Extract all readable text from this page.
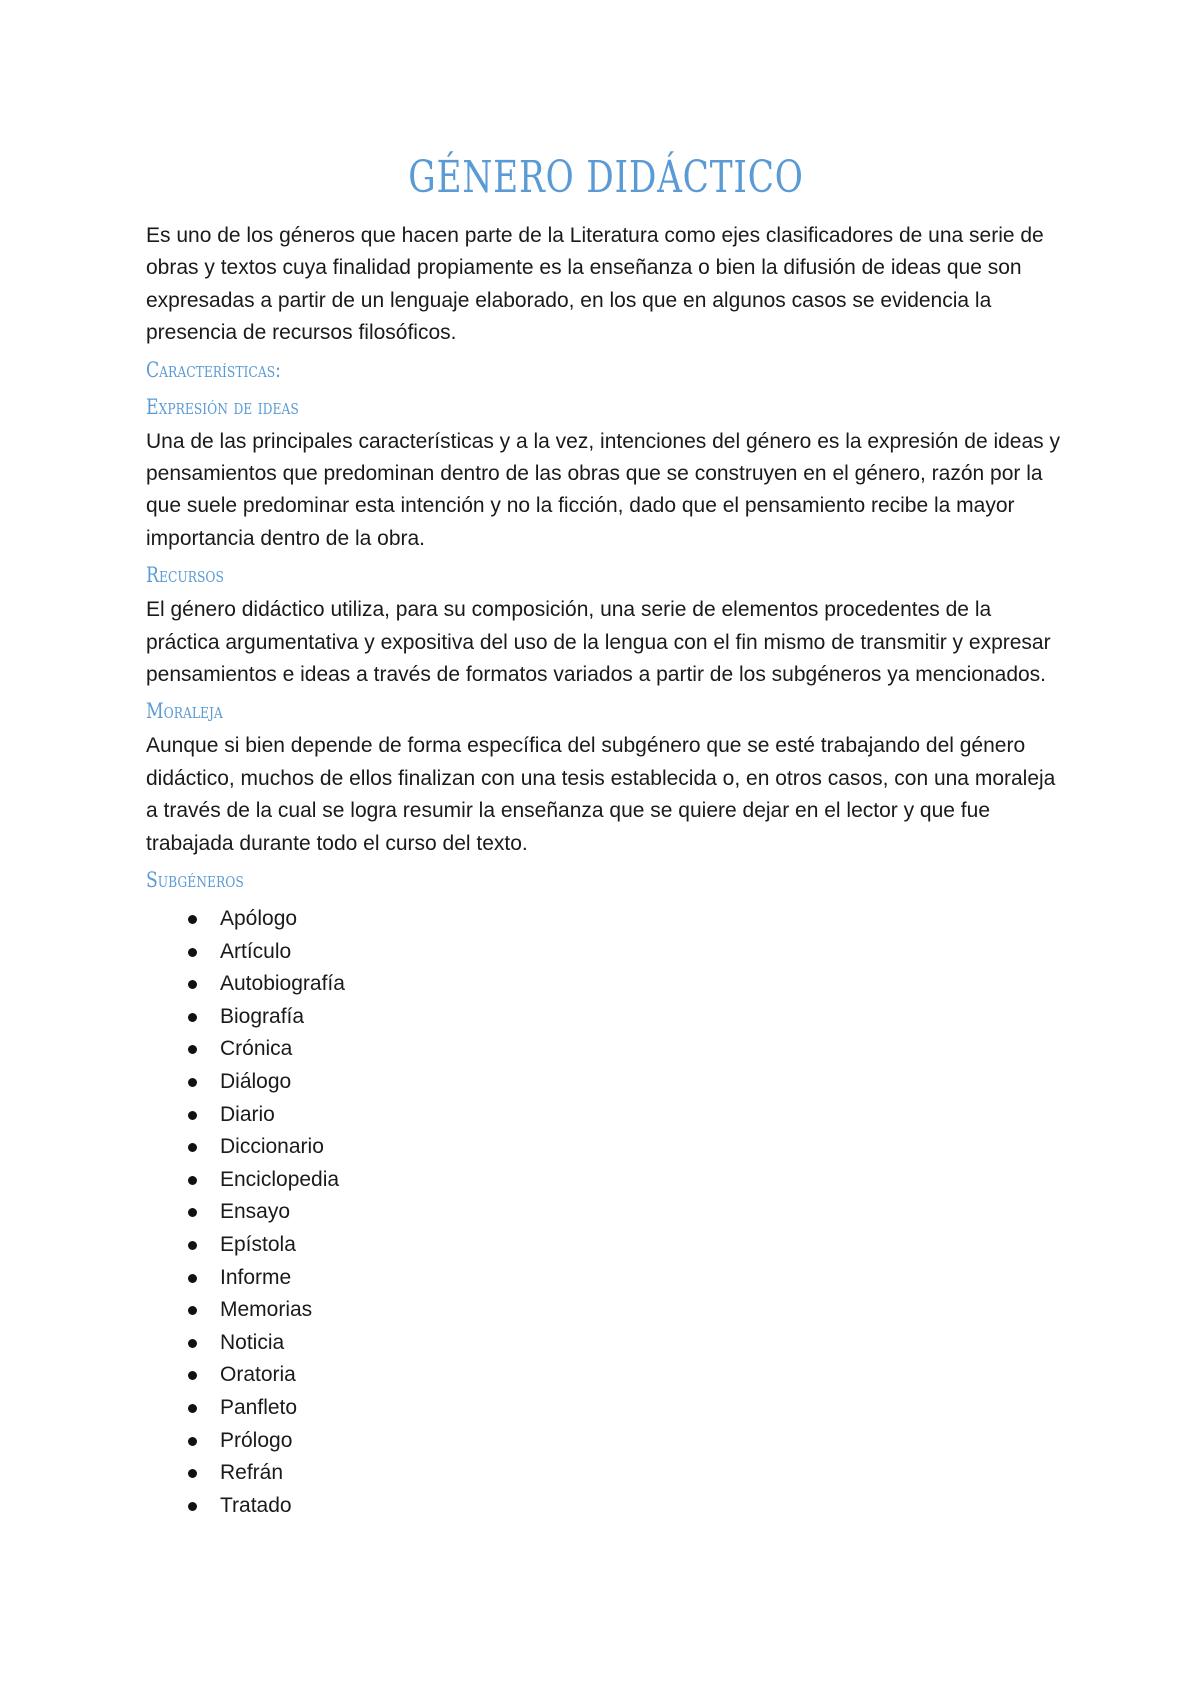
GÉNERO DIDÁCTICO

Es uno de los géneros que hacen parte de la Literatura como ejes clasificadores de una serie de obras y textos cuya finalidad propiamente es la enseñanza o bien la difusión de ideas que son expresadas a partir de un lenguaje elaborado, en los que en algunos casos se evidencia la presencia de recursos filosóficos.

Características:
Expresión de ideas

Una de las principales características y a la vez, intenciones del género es la expresión de ideas y pensamientos que predominan dentro de las obras que se construyen en el género, razón por la que suele predominar esta intención y no la ficción, dado que el pensamiento recibe la mayor importancia dentro de la obra.

Recursos

El género didáctico utiliza, para su composición, una serie de elementos procedentes de la práctica argumentativa y expositiva del uso de la lengua con el fin mismo de transmitir y expresar pensamientos e ideas a través de formatos variados a partir de los subgéneros ya mencionados.

Moraleja

Aunque si bien depende de forma específica del subgénero que se esté trabajando del género didáctico, muchos de ellos finalizan con una tesis establecida o, en otros casos, con una moraleja a través de la cual se logra resumir la enseñanza que se quiere dejar en el lector y que fue trabajada durante todo el curso del texto.

Subgéneros
Apólogo
Artículo
Autobiografía
Biografía
Crónica
Diálogo
Diario
Diccionario
Enciclopedia
Ensayo
Epístola
Informe
Memorias
Noticia
Oratoria
Panfleto
Prólogo
Refrán
Tratado
